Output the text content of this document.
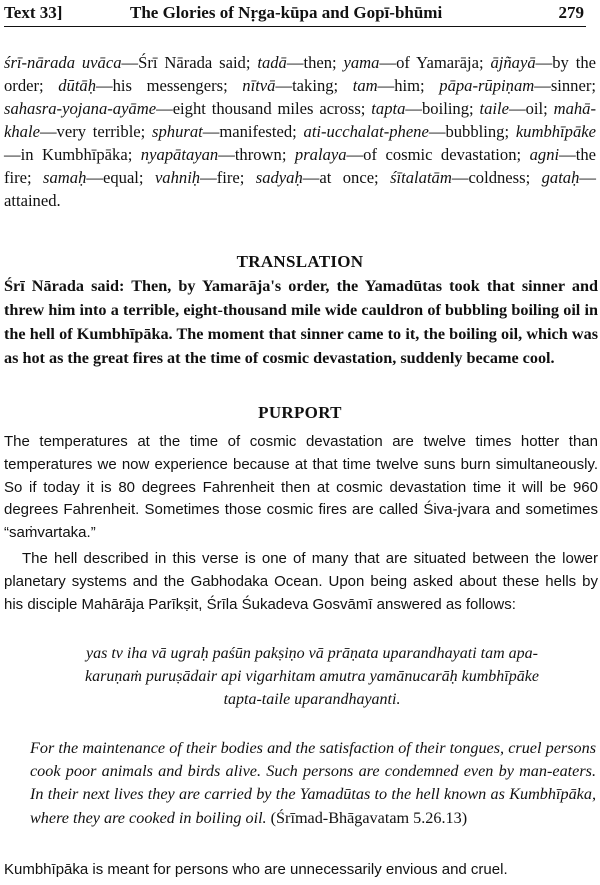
Text 33]	The Glories of Nṛga-kūpa and Gopī-bhūmi	279
śrī-nārada uvāca—Śrī Nārada said; tadā—then; yama—of Yamarāja; ājñayā—by the order; dūtāḥ—his messengers; nītvā—taking; tam—him; pāpa-rūpiṇam—sinner; sahasra-yojana-ayāme—eight thousand miles across; tapta—boiling; taile—oil; mahā-khale—very terrible; sphurat—manifested; ati-ucchalat-phene—bubbling; kumbhīpāke—in Kumbhīpāka; nyapātayan—thrown; pralaya—of cosmic devastation; agni—the fire; samaḥ—equal; vahniḥ—fire; sadyaḥ—at once; śītalatām—coldness; gataḥ—attained.
TRANSLATION
Śrī Nārada said: Then, by Yamarāja's order, the Yamadūtas took that sinner and threw him into a terrible, eight-thousand mile wide cauldron of bubbling boiling oil in the hell of Kumbhīpāka. The moment that sinner came to it, the boiling oil, which was as hot as the great fires at the time of cosmic devastation, suddenly became cool.
PURPORT
The temperatures at the time of cosmic devastation are twelve times hotter than temperatures we now experience because at that time twelve suns burn simultaneously. So if today it is 80 degrees Fahrenheit then at cosmic devastation time it will be 960 degrees Fahrenheit. Sometimes those cosmic fires are called Śiva-jvara and sometimes “saṁvartaka.”
The hell described in this verse is one of many that are situated between the lower planetary systems and the Gabhodaka Ocean. Upon being asked about these hells by his disciple Mahārāja Parīkṣit, Śrīla Śukadeva Gosvāmī answered as follows:
yas tv iha vā ugraḥ paśūn pakṣiṇo vā prāṇata uparandhayati tam apa-
karuṇaṁ puruṣādair api vigarhitam amutra yamānucarāḥ kumbhīpāke
tapta-taile uparandhayanti.
For the maintenance of their bodies and the satisfaction of their tongues, cruel persons cook poor animals and birds alive. Such persons are condemned even by man-eaters. In their next lives they are carried by the Yamadūtas to the hell known as Kumbhīpāka, where they are cooked in boiling oil. (Śrīmad-Bhāgavatam 5.26.13)
Kumbhīpāka is meant for persons who are unnecessarily envious and cruel.
